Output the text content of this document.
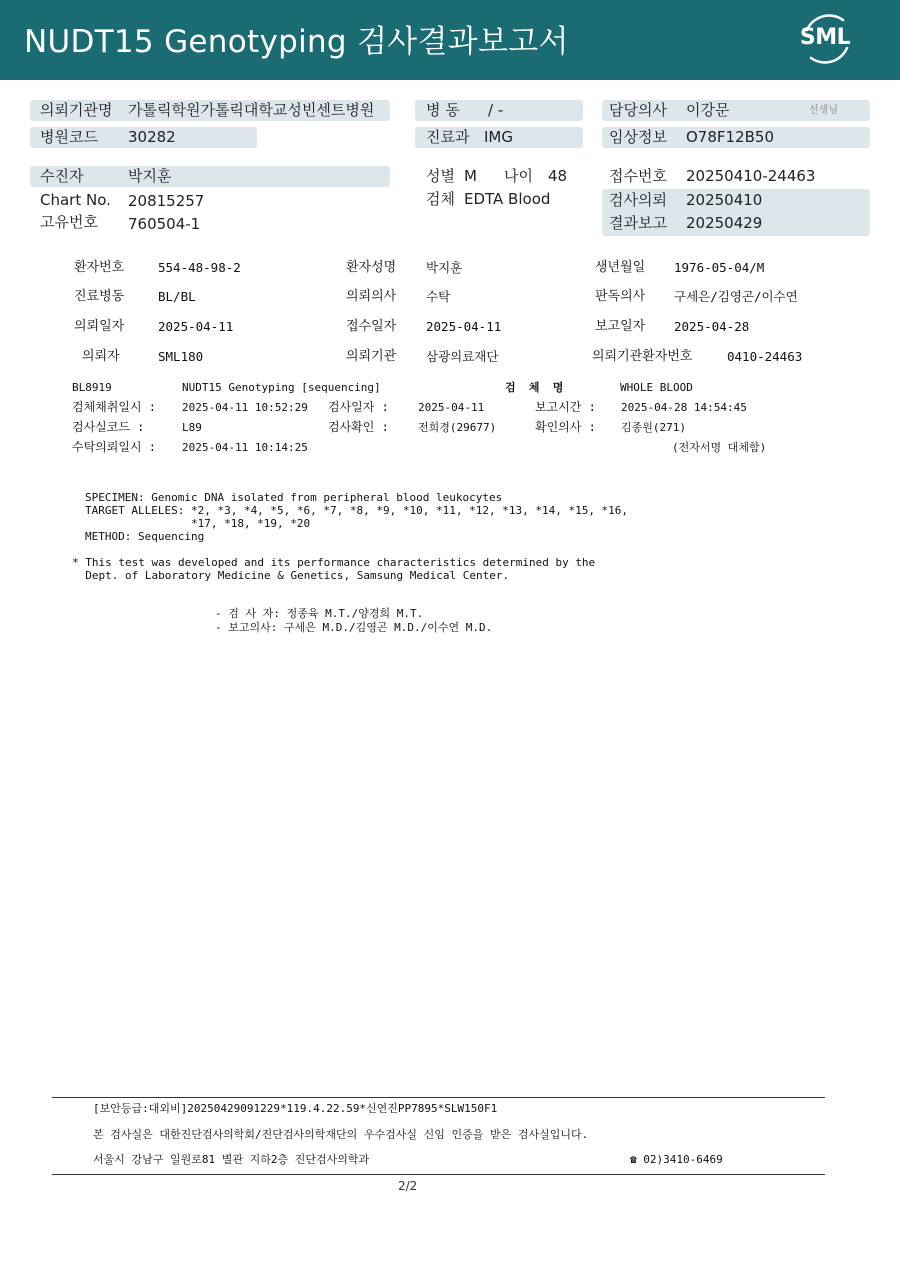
NUDT15 Genotyping 검사결과보고서	SML
의뢰기관명 가톨릭학원가톨릭대학교성빈센트병원
병원코드 30282
병 동 / -
진료과 IMG
담당의사 이강문	선생님
임상정보 O78F12B50
수진자	박지훈
Chart No. 20815257
고유번호 760504-1
성별 M 나이 48
검체 EDTA Blood
접수번호 20250410-24463
검사의뢰 20250410
결과보고 20250429
환자번호	554-48-98-2	환자성명 박지훈	생년월일 1976-05-04/M
진료병동	BL/BL	의뢰의사 수탁	판독의사 구세은/김영곤/이수연
의뢰일자	2025-04-11	접수일자 2025-04-11	보고일자 2025-04-28
의뢰자	SML180	의뢰기관 삼광의료재단	의뢰기관환자번호	0410-24463
BL8919	NUDT15 Genotyping [sequencing]	검  체  명	WHOLE BLOOD
검체채취일시 : 2025-04-11 10:52:29 검사일자 :	2025-04-11	보고시간 : 2025-04-28 14:54:45
검사실코드 :	L89	검사확인 :	전희경(29677)	확인의사 : 김종원(271)
수탁의뢰일시 : 2025-04-11 10:14:25	(전자서명 대체함)
SPECIMEN: Genomic DNA isolated from peripheral blood leukocytes
TARGET ALLELES: *2, *3, *4, *5, *6, *7, *8, *9, *10, *11, *12, *13, *14, *15, *16,
*17, *18, *19, *20
METHOD: Sequencing
* This test was developed and its performance characteristics determined by the
Dept. of Laboratory Medicine & Genetics, Samsung Medical Center.
- 검 사 자: 정종육 M.T./양경희 M.T.
- 보고의사: 구세은 M.D./김영곤 M.D./이수연 M.D.
[보안등급:대외비]20250429091229*119.4.22.59*신연진PP7895*SLW150F1
본 검사실은 대한진단검사의학회/진단검사의학재단의 우수검사실 신임 인증을 받은 검사실입니다.
서울시 강남구 일원로81 별관 지하2층 진단검사의학과	☎ 02)3410-6469
2/2
